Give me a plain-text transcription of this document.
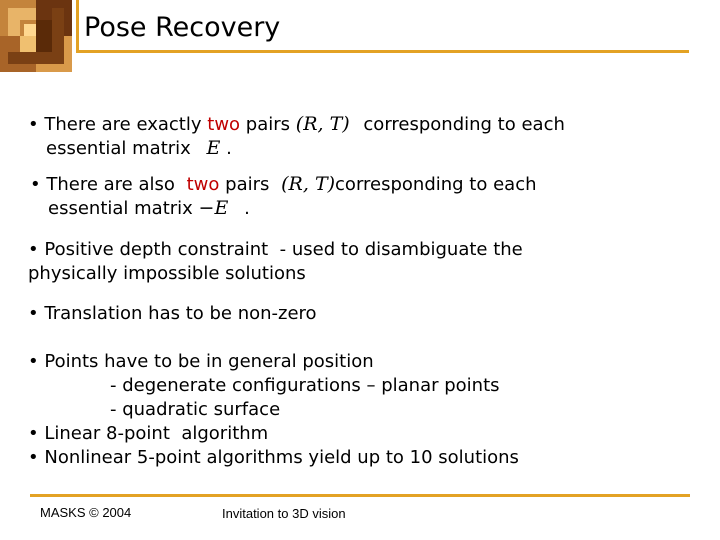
Pose Recovery
• There are exactly two pairs (R, T) corresponding to each
essential matrix E .
• There are also two pairs (R, T)corresponding to each
essential matrix −E .
• Positive depth constraint  - used to disambiguate the
physically impossible solutions
• Translation has to be non-zero
• Points have to be in general position
- degenerate configurations – planar points
- quadratic surface
• Linear 8-point  algorithm
• Nonlinear 5-point algorithms yield up to 10 solutions
MASKS © 2004	Invitation to 3D vision
